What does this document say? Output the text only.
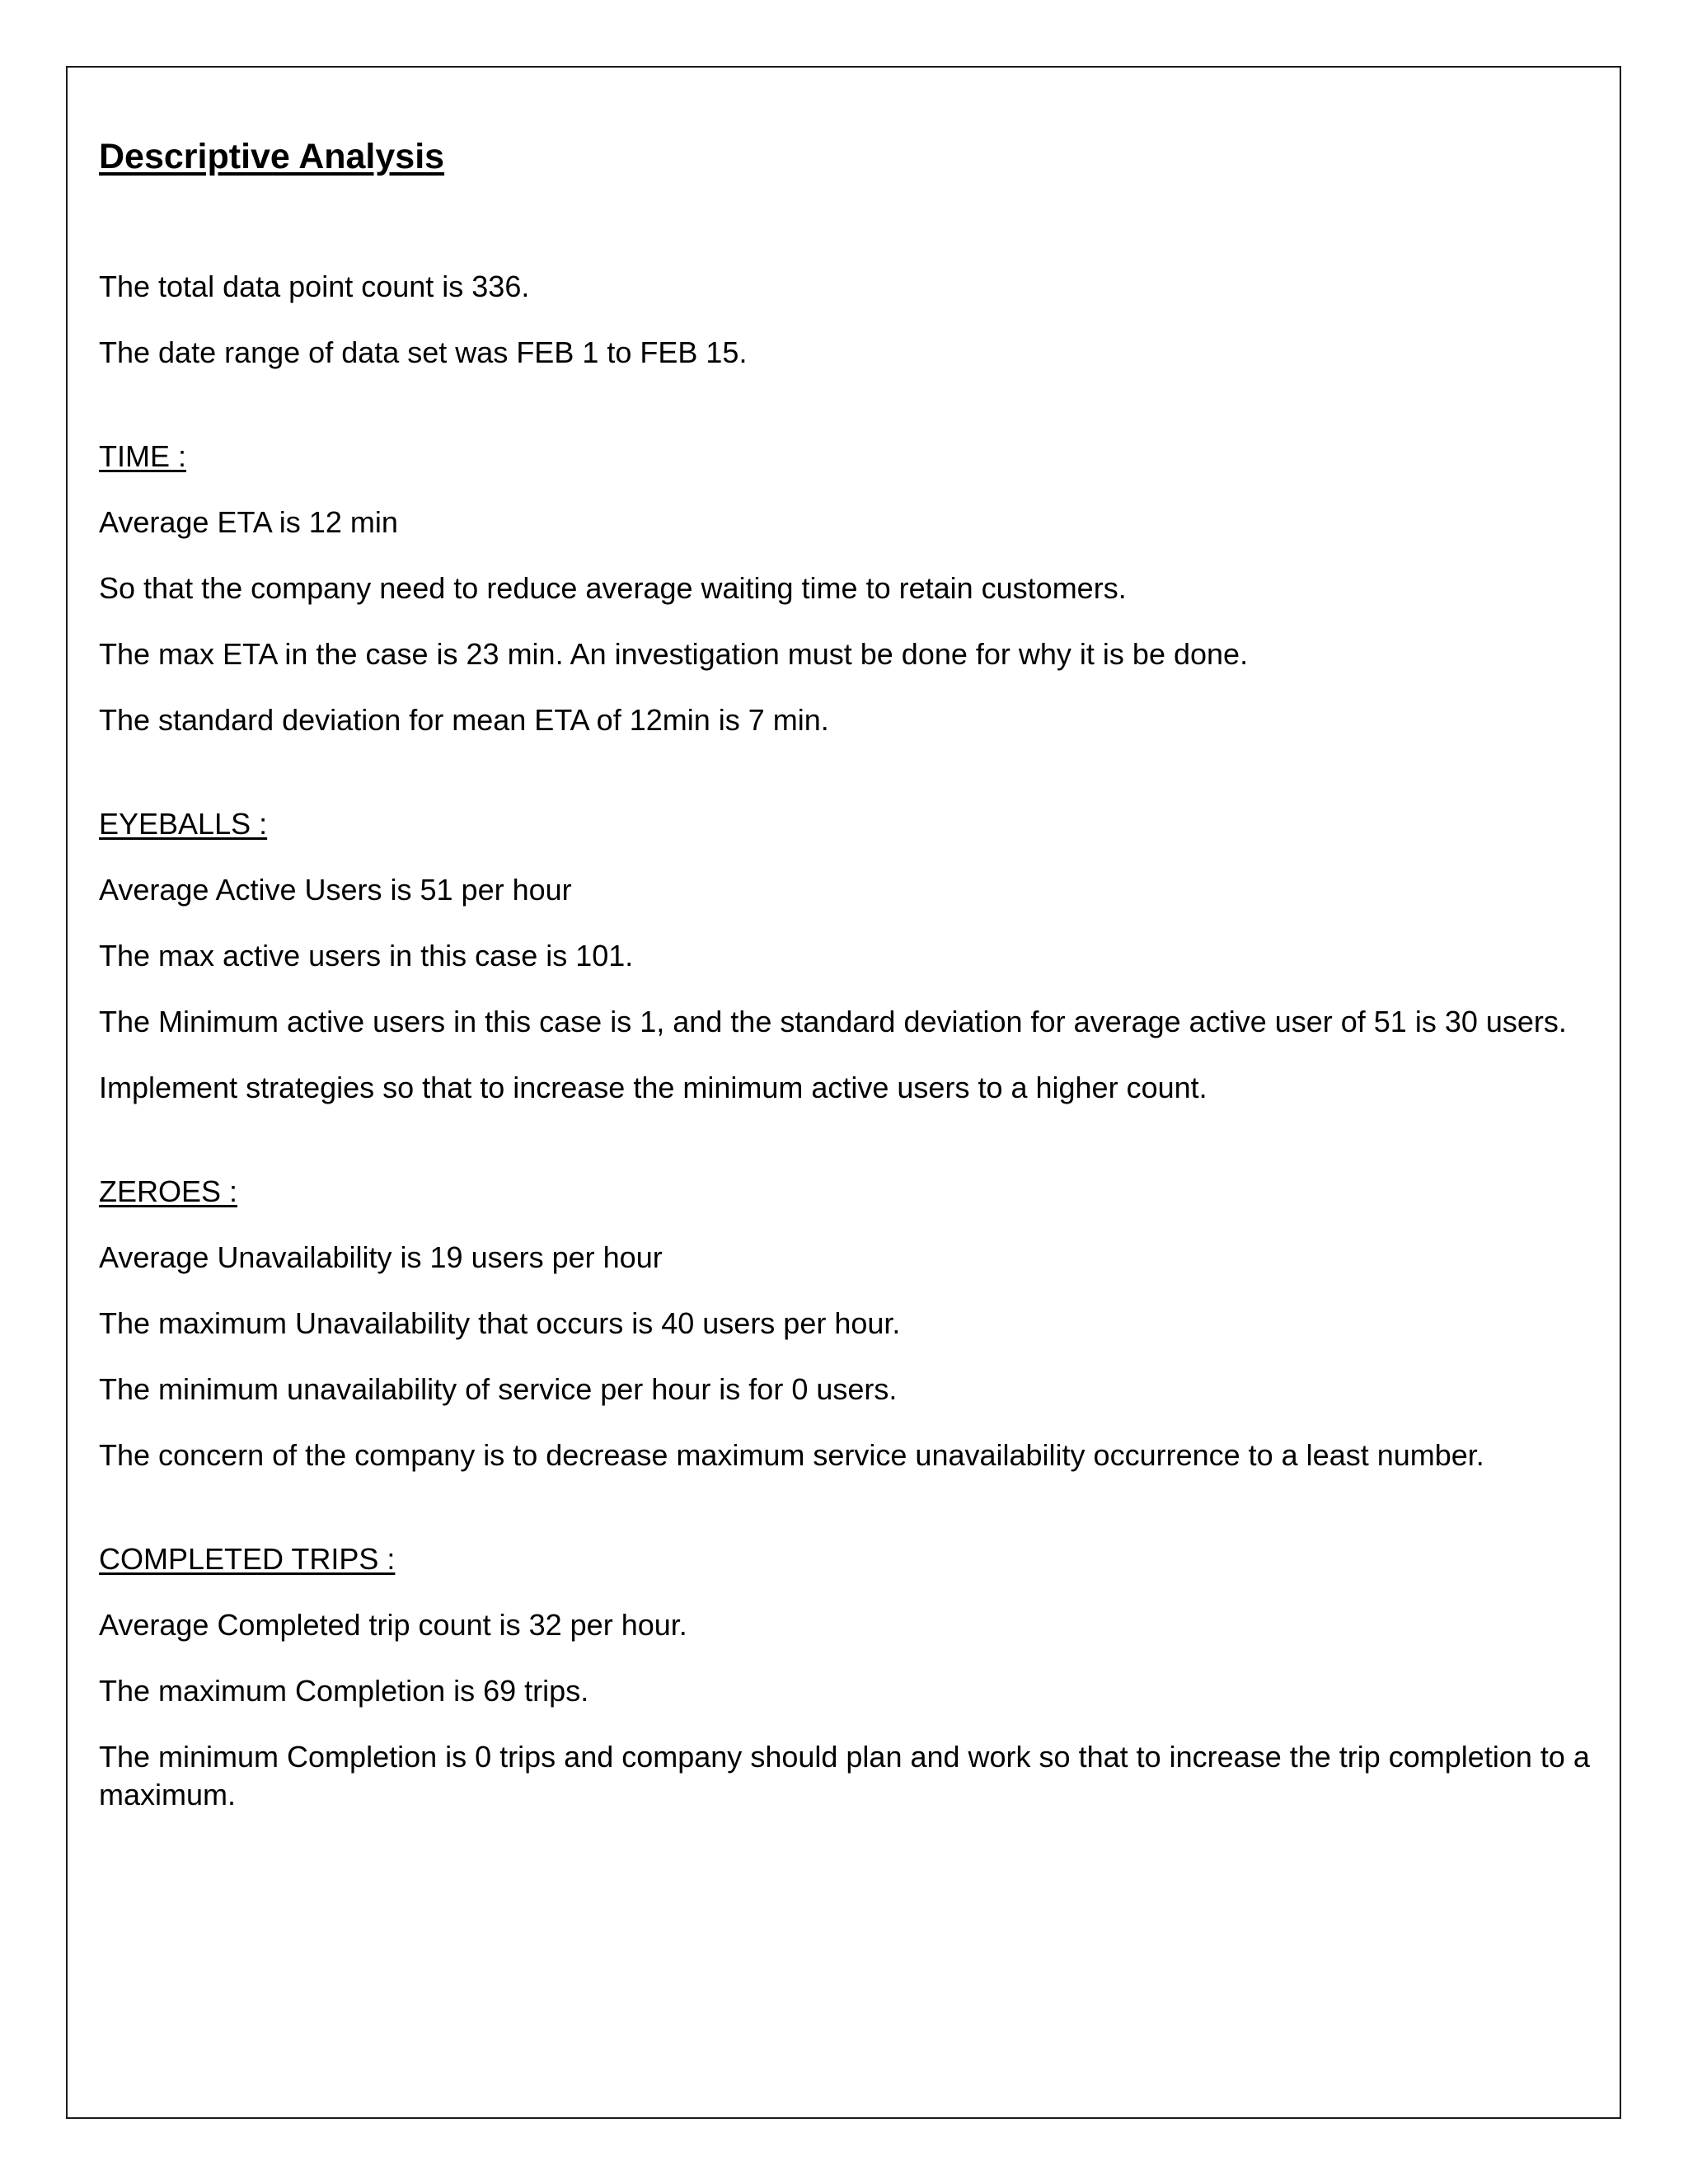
Descriptive Analysis

The total data point count is 336.

The date range of data set was FEB 1 to FEB 15.

TIME :

Average ETA is 12 min

So that the company need to reduce average waiting time to retain customers.

The max ETA in the case is 23 min. An investigation must be done for why it is be done.

The standard deviation for mean ETA of 12min is 7 min.

EYEBALLS :

Average Active Users is 51 per hour

The max active users in this case is 101.

The Minimum active users in this case is 1, and the standard deviation for average active user of 51 is 30 users.

Implement strategies so that to increase the minimum active users to a higher count.

ZEROES :

Average Unavailability is 19 users per hour

The maximum Unavailability that occurs is 40 users per hour.

The minimum unavailability of service per hour is for 0 users.

The concern of the company is to decrease maximum service unavailability occurrence to a least number.

COMPLETED TRIPS :

Average Completed trip count is 32 per hour.

The maximum Completion is 69 trips.

The minimum Completion is 0 trips and company should plan and work so that to increase the trip completion to a maximum.
